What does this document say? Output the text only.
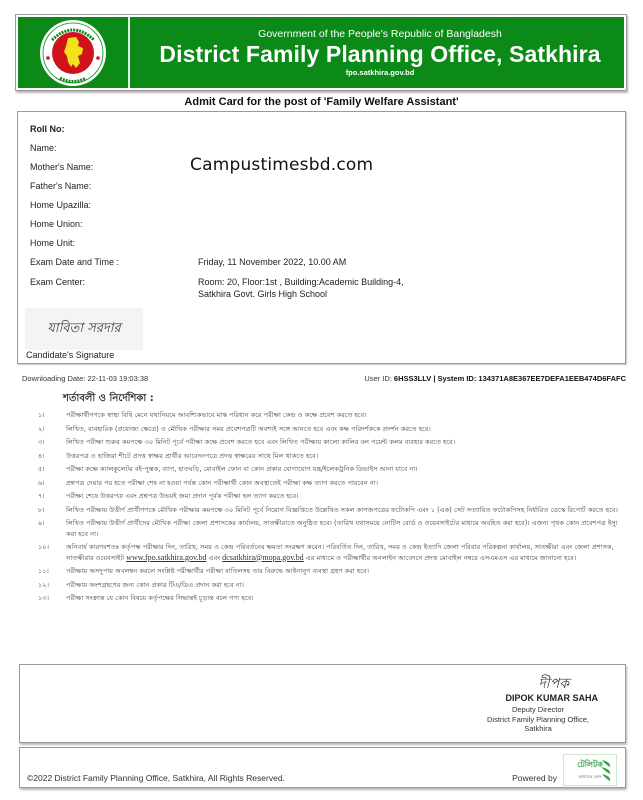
Government of the People's Republic of Bangladesh
District Family Planning Office, Satkhira
fpo.satkhira.gov.bd
Admit Card for the post of 'Family Welfare Assistant'
Roll No:
Name:
Mother's Name:
Father's Name:
Home Upazilla:
Home Union:
Home Unit:
Exam Date and Time :	Friday, 11 November 2022, 10.00 AM
Exam Center:	Room: 20, Floor:1st , Building:Academic Building-4,
Satkhira Govt. Girls High School
Campustimesbd.com
যাবিতা সরদার
Candidate's Signature
Downloading Date: 22-11-03 19:03:38	User ID: 6HSS3LLV | System ID: 134371A8E367EE7DEFA1EEB474D6FAFC
শর্তাবলী ও নির্দেশিকা :
১।	পরীক্ষার্থীগণকে স্বাস্থ্য বিধি মেনে যথানিয়মে আবশ্যিকভাবে মাস্ক পরিধান করে পরীক্ষা কেন্দ্র ও কক্ষে প্রবেশ করতে হবে।
২।	লিখিত, ব্যবহারিক (প্রযোজ্য ক্ষেত্রে) ও মৌখিক পরীক্ষার সময় প্রবেশপত্রটি অবশ্যই সঙ্গে আনতে হবে এবং কক্ষ পরিদর্শককে প্রদর্শন করতে হবে।
৩।	লিখিত পরীক্ষা শুরুর কমপক্ষে ৩০ মিনিট পূর্বে পরীক্ষা কক্ষে প্রবেশ করতে হবে এবং লিখিত পরীক্ষায় কালো কালির বল পয়েন্ট কলম ব্যবহার করতে হবে।
৪।	উত্তরপত্র ও হাজিরা শীটে প্রদত্ত স্বাক্ষর প্রার্থীর আবেদনপত্রে প্রদত্ত স্বাক্ষরের সাথে মিল থাকতে হবে।
৫।	পরীক্ষা কক্ষে ক্যালকুলেটর বই-পুস্তক, ব্যাগ, হাতঘড়ি, মোবাইল ফোন বা কোন প্রকার যোগাযোগ যন্ত্র/ইলেকট্রনিক ডিভাইস আনা যাবে না।
৬।	প্রশ্নপত্র দেয়ার পর হতে পরীক্ষা শেষ না হওয়া পর্যন্ত কোন পরীক্ষার্থী কোন অবস্থাতেই পরীক্ষা কক্ষ ত্যাগ করতে পারবেন না।
৭।	পরীক্ষা শেষে উত্তরপত্র এবং প্রশ্নপত্র উভয়ই জমা প্রদান পূর্বক পরীক্ষা হল ত্যাগ করতে হবে।
৮।	লিখিত পরীক্ষায় উত্তীর্ণ প্রার্থীগণকে মৌখিক পরীক্ষার কমপক্ষে ৩০ মিনিট পূর্বে নিয়োগ বিজ্ঞপ্তিতে উল্লেখিত সকল কাগজপত্রের ফটোকপি এবং ১ (এক) সেট সত্যায়িত ফটোকপিসহ নির্ধারিত ডেস্কে রিপোর্ট করতে হবে।
৯।	লিখিত পরীক্ষায় উত্তীর্ণ প্রার্থীদের মৌখিক পরীক্ষা জেলা প্রশাসকের কার্যালয়, সাতক্ষীরাতে অনুষ্ঠিত হবে। (তারিখ যথাসময়ে নোটিস বোর্ড ও ওয়েবসাইটের মাধ্যমে অবহিত করা হবে)। এজন্য পৃথক কোন প্রবেশপত্র ইস্যু করা হবে না।
১০।	অনিবার্য কারণবশতঃ কর্তৃপক্ষ পরীক্ষার দিন, তারিখ, সময় ও কেন্দ্র পরিবর্তনের ক্ষমতা সংরক্ষণ করেন। পরিবর্তিত দিন, তারিখ, সময় ও কেন্দ্র ইত্যাদি জেলা পরিবার পরিকল্পনা কার্যালয়, সাতক্ষীরা এবং জেলা প্রশাসক, সাতক্ষীরার ওয়েবসাইট www.fpo.satkhira.gov.bd এবং dcsatkhira@mopa.gov.bd এর মাধ্যমে ও পরীক্ষার্থীর অনলাইন আবেদনে প্রদত্ত মোবাইল নম্বরে এসএমএস এর মাধ্যমে জানানো হবে।
১১।	পরীক্ষায় অসদুপায় অবলম্বন করলে সংশ্লিষ্ট পরীক্ষার্থীর পরীক্ষা বাতিলসহ তার বিরুদ্ধে আইনানুগ ব্যবস্থা গ্রহণ করা হবে।
১২।	পরীক্ষায় অংশগ্রহণের জন্য কোন প্রকার টিএ/ডিএ প্রদান করা হবে না।
১৩।	পরীক্ষা সংক্রান্ত যে কোন বিষয়ে কর্তৃপক্ষের সিদ্ধান্তই চূড়ান্ত বলে গণ্য হবে।
দীপক
DIPOK KUMAR SAHA
Deputy Director
District Family Planning Office,
Satkhira
©2022 District Family Planning Office, Satkhira, All Rights Reserved.	Powered by
টেলিটক
আমাদের ফোন
